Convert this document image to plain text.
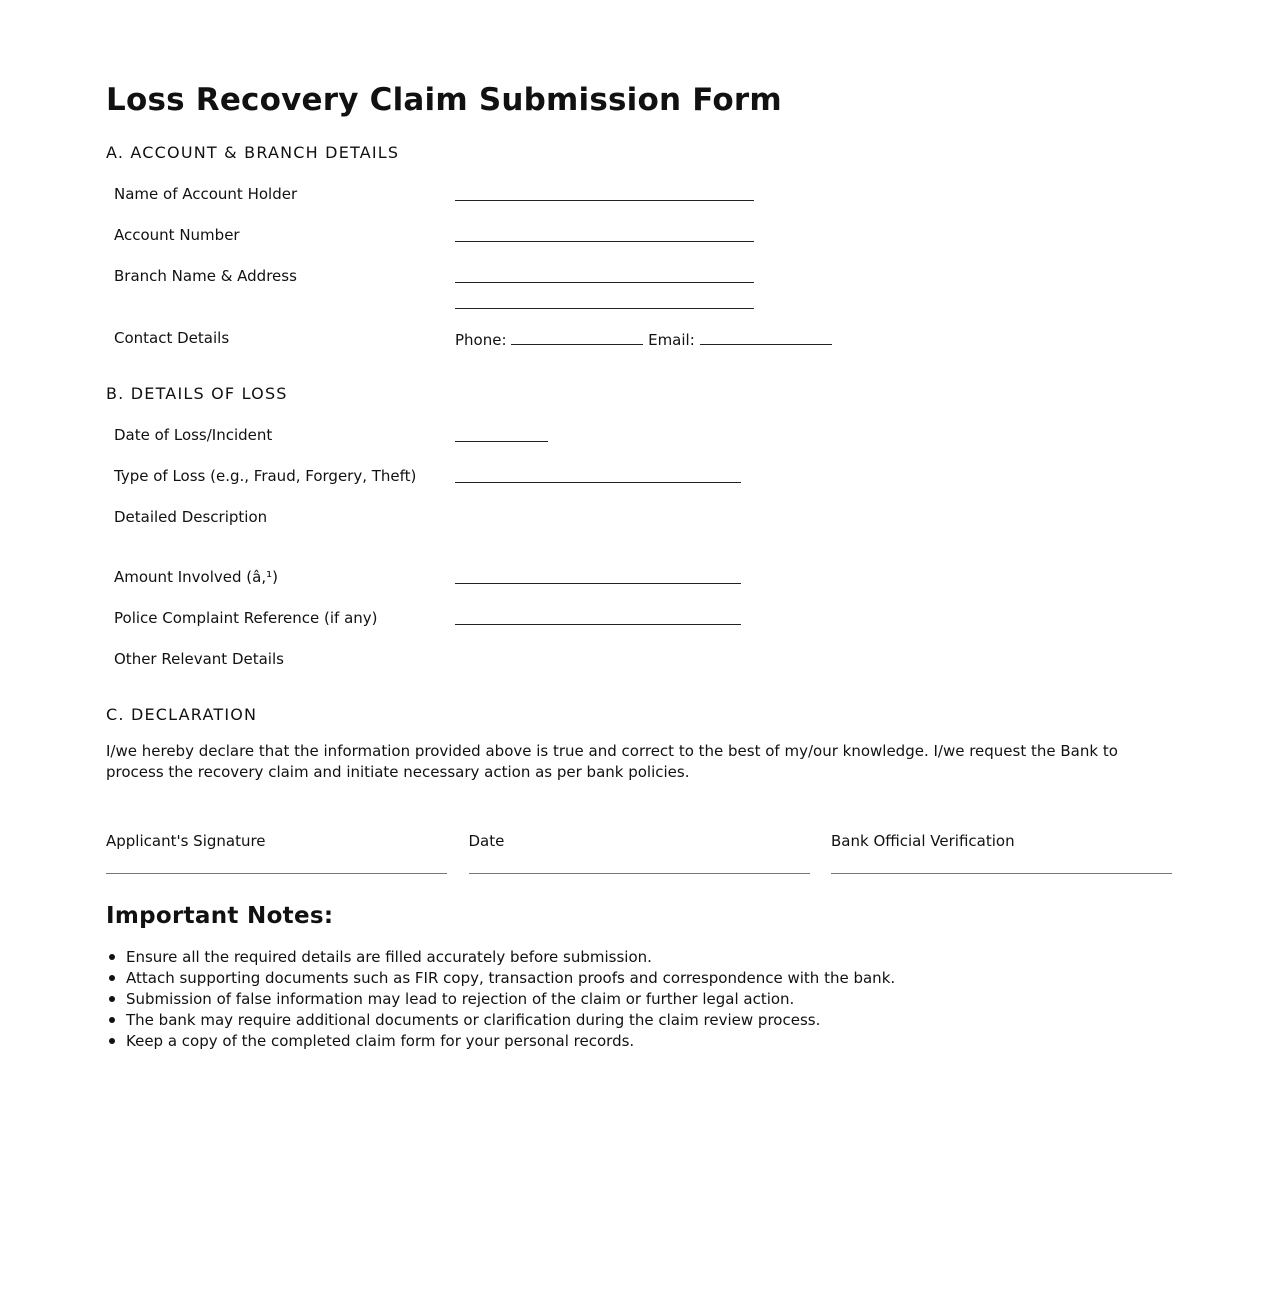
Loss Recovery Claim Submission Form
A. ACCOUNT & BRANCH DETAILS
Name of Account Holder
Account Number
Branch Name & Address

Contact Details	Phone:	Email:
B. DETAILS OF LOSS
Date of Loss/Incident
Type of Loss (e.g., Fraud, Forgery, Theft)
Detailed Description
Amount Involved (â‚¹)
Police Complaint Reference (if any)
Other Relevant Details
C. DECLARATION

I/we hereby declare that the information provided above is true and correct to the best of my/our knowledge. I/we request the Bank to process the recovery claim and initiate necessary action as per bank policies.

Applicant's Signature	Date	Bank Official Verification
Important Notes:
Ensure all the required details are filled accurately before submission.
Attach supporting documents such as FIR copy, transaction proofs and correspondence with the bank.
Submission of false information may lead to rejection of the claim or further legal action.
The bank may require additional documents or clarification during the claim review process.
Keep a copy of the completed claim form for your personal records.
